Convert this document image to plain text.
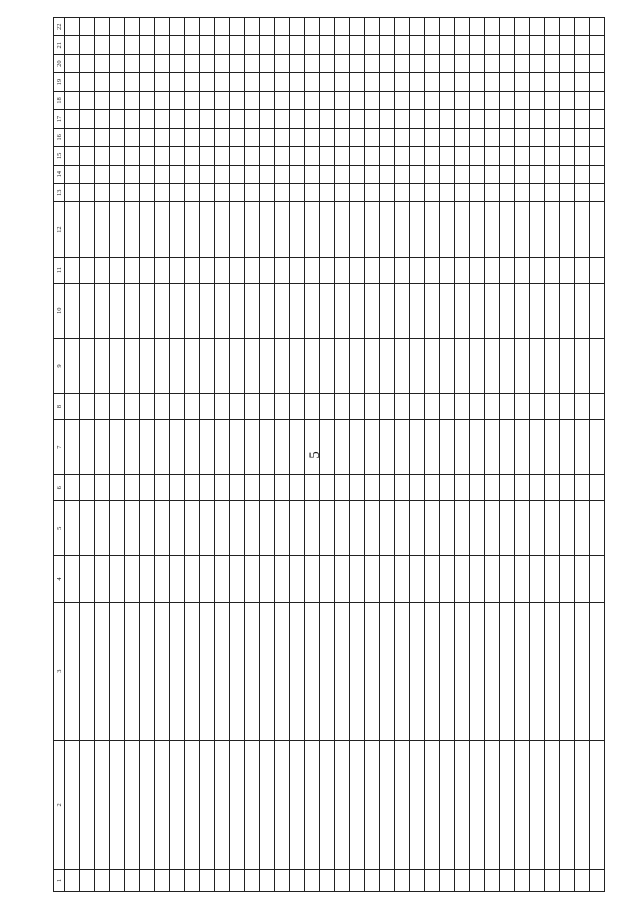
1	2	3	4	5	6	7	8	9	10	11	12	13	14	15	16	17	18	19	20	21	22

5
